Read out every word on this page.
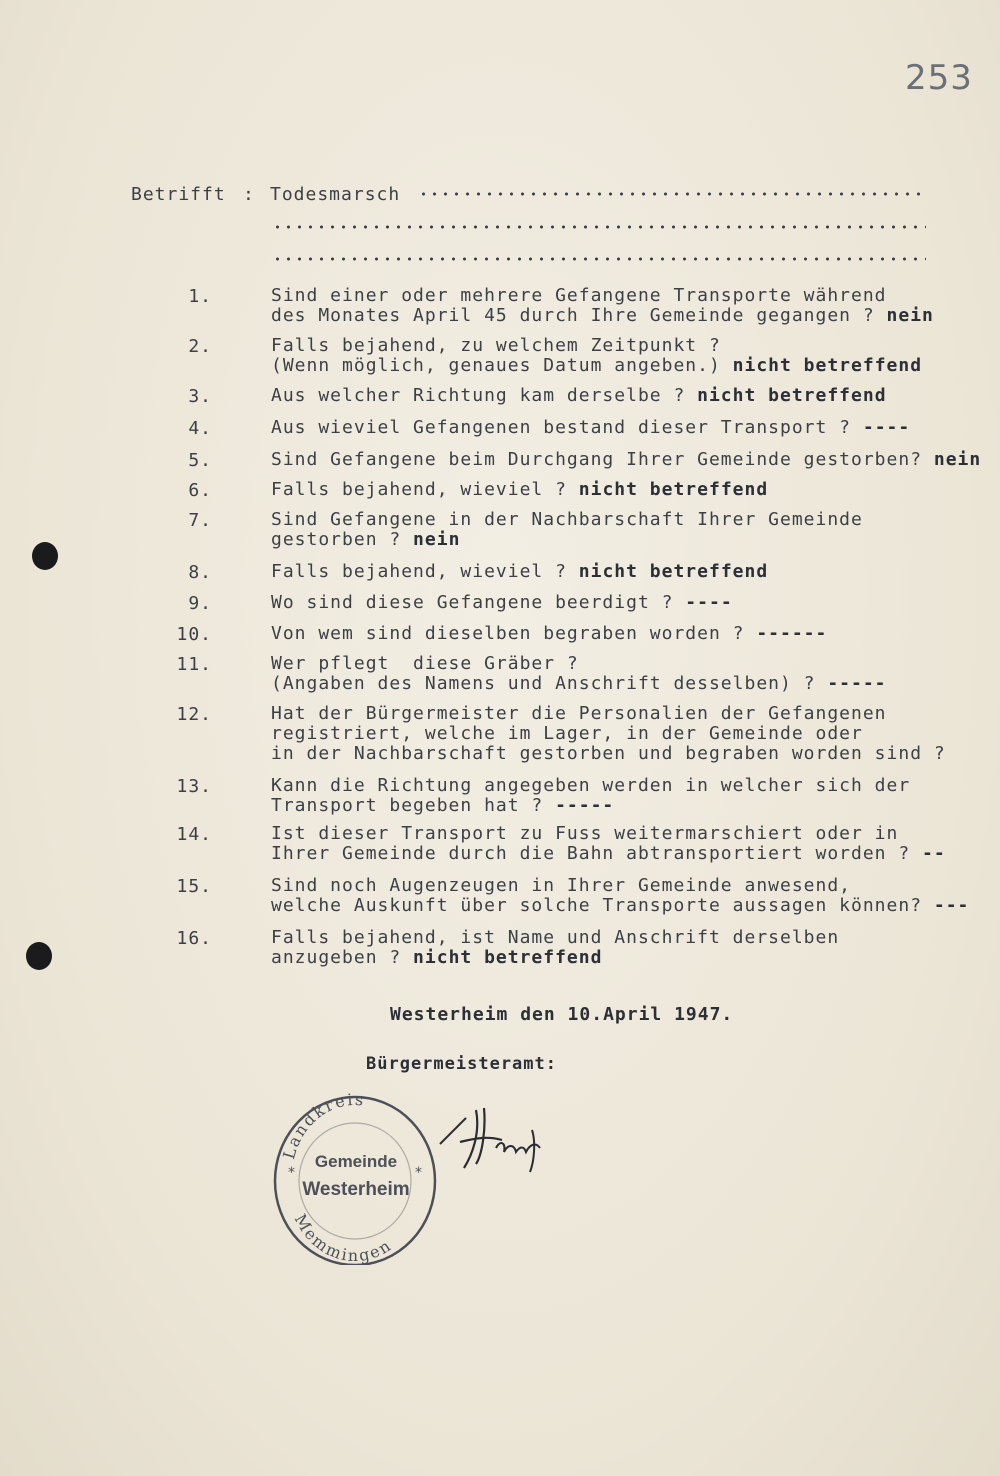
253
Betrifft : Todesmarsch
1.	Sind einer oder mehrere Gefangene Transporte während
des Monates April 45 durch Ihre Gemeinde gegangen ? nein
2.	Falls bejahend, zu welchem Zeitpunkt ?
(Wenn möglich, genaues Datum angeben.) nicht betreffend
3.	Aus welcher Richtung kam derselbe ? nicht betreffend
4.	Aus wieviel Gefangenen bestand dieser Transport ? ----
5.	Sind Gefangene beim Durchgang Ihrer Gemeinde gestorben? nein
6.	Falls bejahend, wieviel ? nicht betreffend
7.	Sind Gefangene in der Nachbarschaft Ihrer Gemeinde
gestorben ? nein
8.	Falls bejahend, wieviel ? nicht betreffend
9.	Wo sind diese Gefangene beerdigt ? ----
10.	Von wem sind dieselben begraben worden ? ------
11.	Wer pflegt  diese Gräber ?
(Angaben des Namens und Anschrift desselben) ? -----
12.	Hat der Bürgermeister die Personalien der Gefangenen
registriert, welche im Lager, in der Gemeinde oder
in der Nachbarschaft gestorben und begraben worden sind ?
13.	Kann die Richtung angegeben werden in welcher sich der
Transport begeben hat ? -----
14.	Ist dieser Transport zu Fuss weitermarschiert oder in
Ihrer Gemeinde durch die Bahn abtransportiert worden ? --
15.	Sind noch Augenzeugen in Ihrer Gemeinde anwesend,
welche Auskunft über solche Transporte aussagen können? ---
16.	Falls bejahend, ist Name und Anschrift derselben
anzugeben ? nicht betreffend
Westerheim den 10.April 1947.
Bürgermeisteramt:
Landkreis
Memmingen
*	*
Gemeinde
Westerheim
